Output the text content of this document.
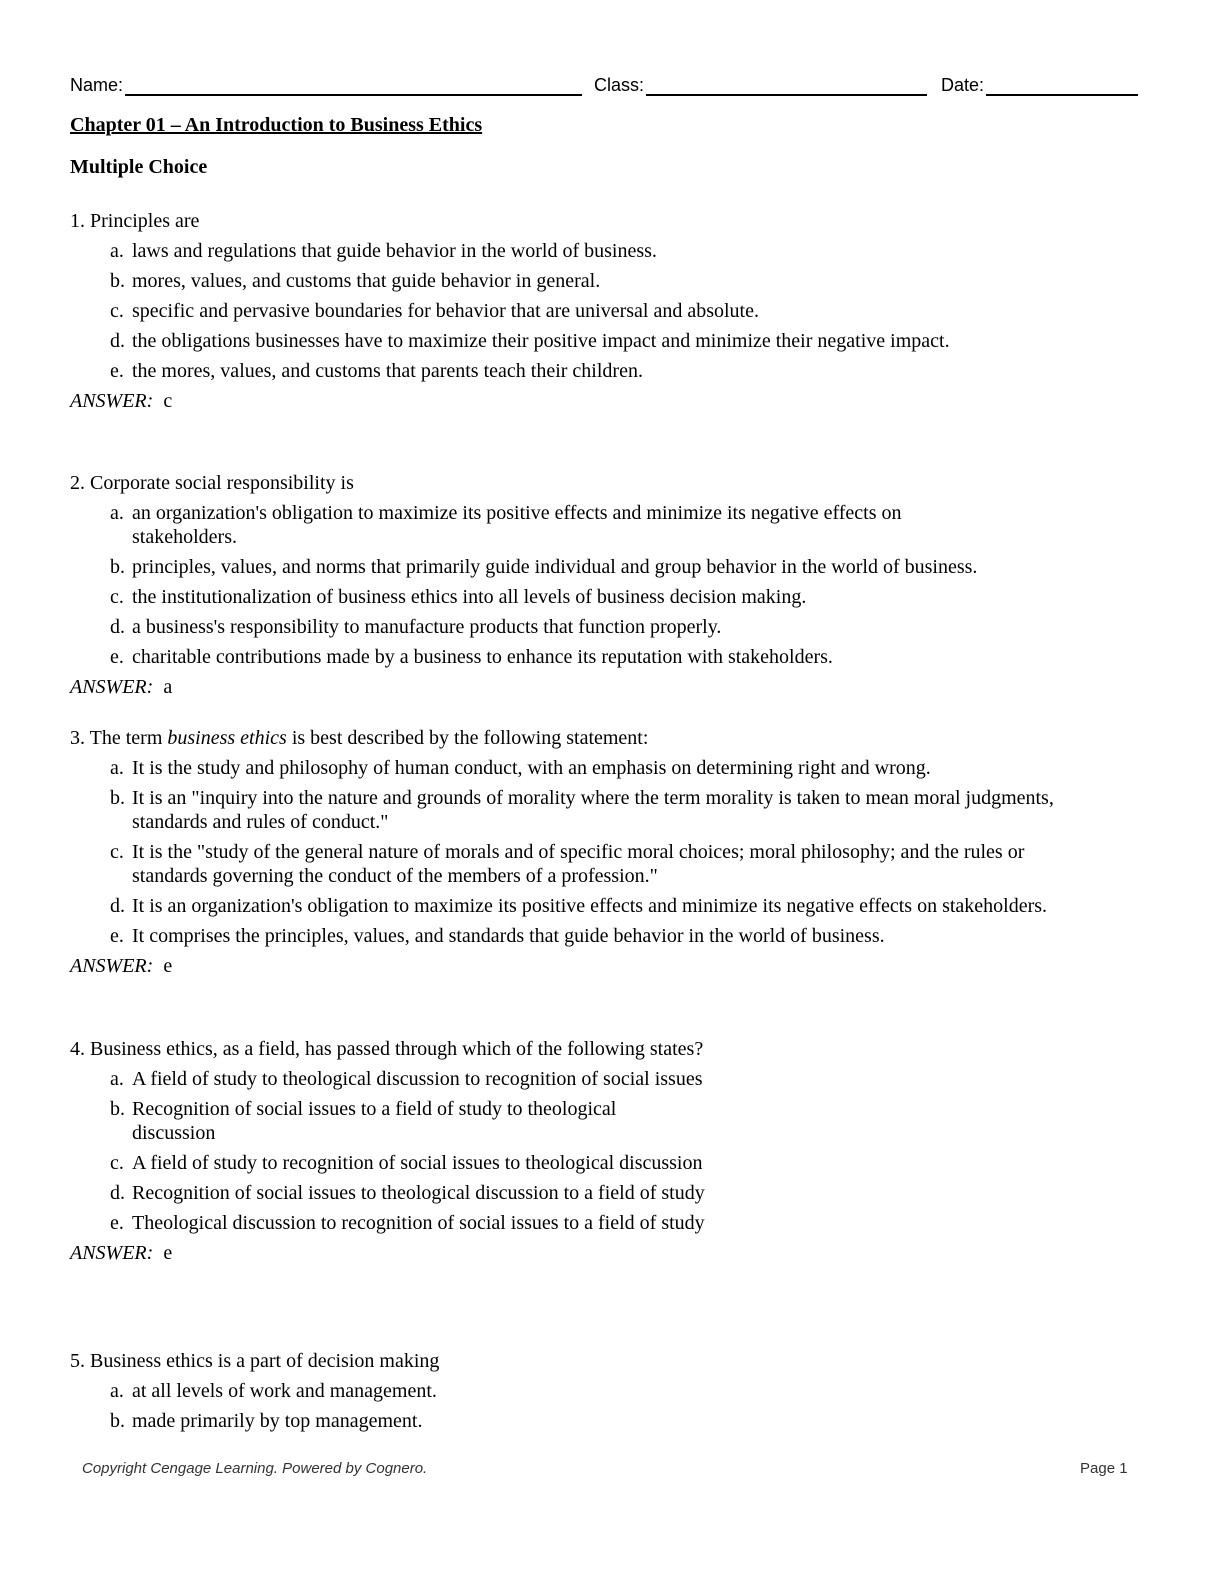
Name:	Class:	Date:
Chapter 01 – An Introduction to Business Ethics
Multiple Choice

1. Principles are

a. laws and regulations that guide behavior in the world of business.
b. mores, values, and customs that guide behavior in general.
c. specific and pervasive boundaries for behavior that are universal and absolute.
d. the obligations businesses have to maximize their positive impact and minimize their negative impact.
e. the mores, values, and customs that parents teach their children.
ANSWER: c

2. Corporate social responsibility is

a. an organization's obligation to maximize its positive effects and minimize its negative effects on stakeholders.
b. principles, values, and norms that primarily guide individual and group behavior in the world of business.
c. the institutionalization of business ethics into all levels of business decision making.
d. a business's responsibility to manufacture products that function properly.
e. charitable contributions made by a business to enhance its reputation with stakeholders.
ANSWER: a

3. The term business ethics is best described by the following statement:

a. It is the study and philosophy of human conduct, with an emphasis on determining right and wrong.
b. It is an "inquiry into the nature and grounds of morality where the term morality is taken to mean moral judgments, standards and rules of conduct."
c. It is the "study of the general nature of morals and of specific moral choices; moral philosophy; and the rules or standards governing the conduct of the members of a profession."
d. It is an organization's obligation to maximize its positive effects and minimize its negative effects on stakeholders.
e. It comprises the principles, values, and standards that guide behavior in the world of business.
ANSWER: e

4. Business ethics, as a field, has passed through which of the following states?

a. A field of study to theological discussion to recognition of social issues
b. Recognition of social issues to a field of study to theological discussion
c. A field of study to recognition of social issues to theological discussion
d. Recognition of social issues to theological discussion to a field of study
e. Theological discussion to recognition of social issues to a field of study
ANSWER: e

5. Business ethics is a part of decision making

a. at all levels of work and management.
b. made primarily by top management.
Copyright Cengage Learning. Powered by Cognero.	Page 1
